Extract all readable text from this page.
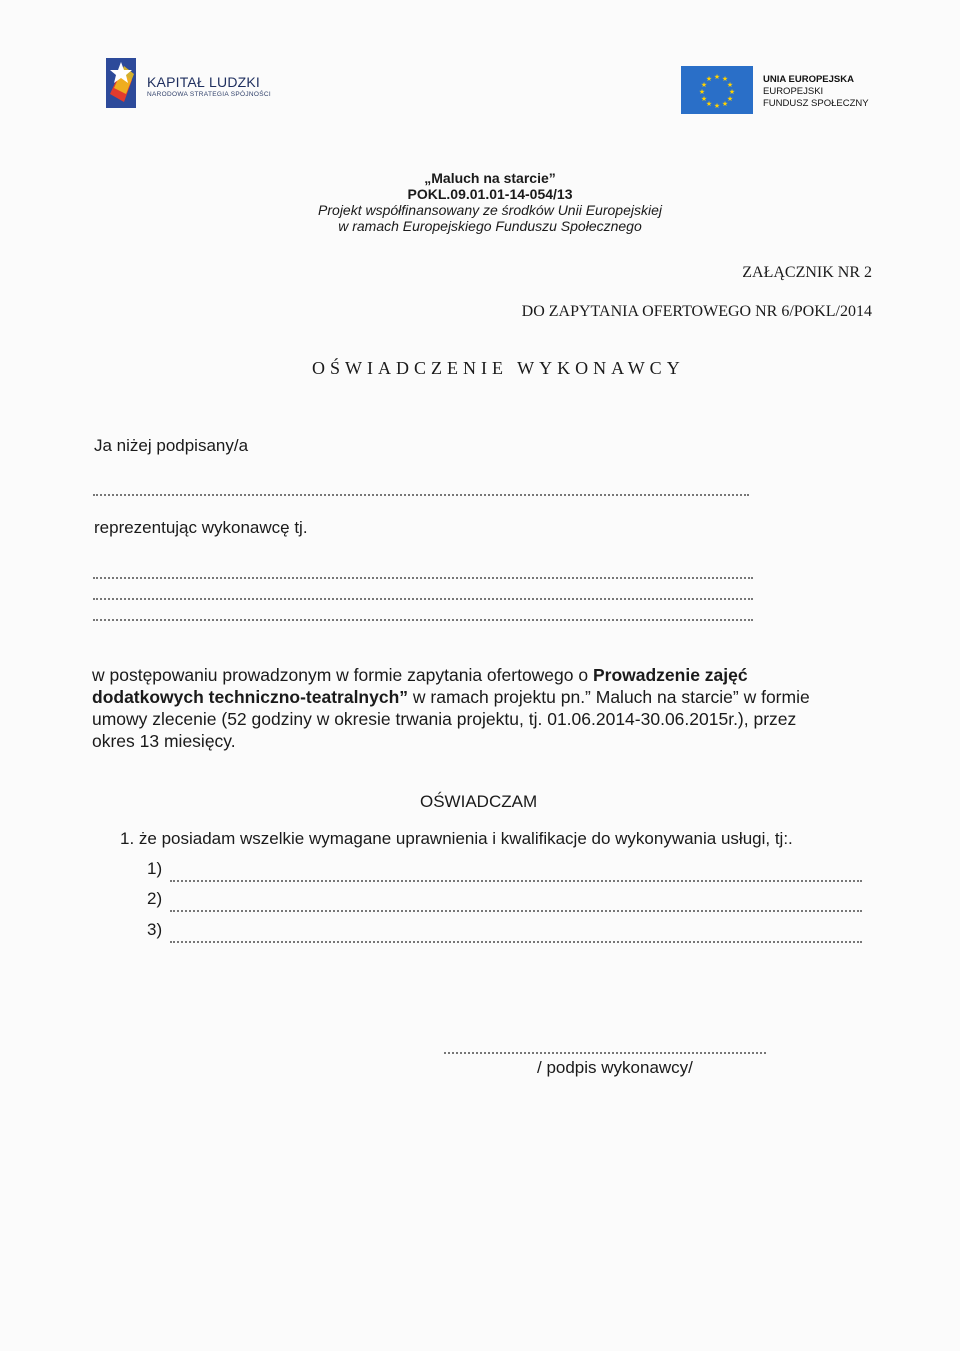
KAPITAŁ LUDZKI
NARODOWA STRATEGIA SPÓJNOŚCI
★ ★
★
★
★
★
★
★
★
★
★
★	UNIA EUROPEJSKA
EUROPEJSKI
FUNDUSZ SPOŁECZNY
„Maluch na starcie”
POKL.09.01.01-14-054/13
Projekt współfinansowany ze środków Unii Europejskiej
w ramach Europejskiego Funduszu Społecznego
ZAŁĄCZNIK NR 2
DO ZAPYTANIA OFERTOWEGO NR 6/POKL/2014
OŚWIADCZENIE WYKONAWCY
Ja niżej podpisany/a
reprezentując wykonawcę tj.
w postępowaniu prowadzonym w formie zapytania ofertowego o Prowadzenie zajęć dodatkowych techniczno-teatralnych” w ramach projektu pn.” Maluch na starcie” w formie umowy zlecenie (52 godziny w okresie trwania projektu, tj. 01.06.2014-30.06.2015r.), przez okres 13 miesięcy.
OŚWIADCZAM
1. że posiadam wszelkie wymagane uprawnienia i kwalifikacje do wykonywania usługi, tj:.
1)
2)
3)
/ podpis wykonawcy/
